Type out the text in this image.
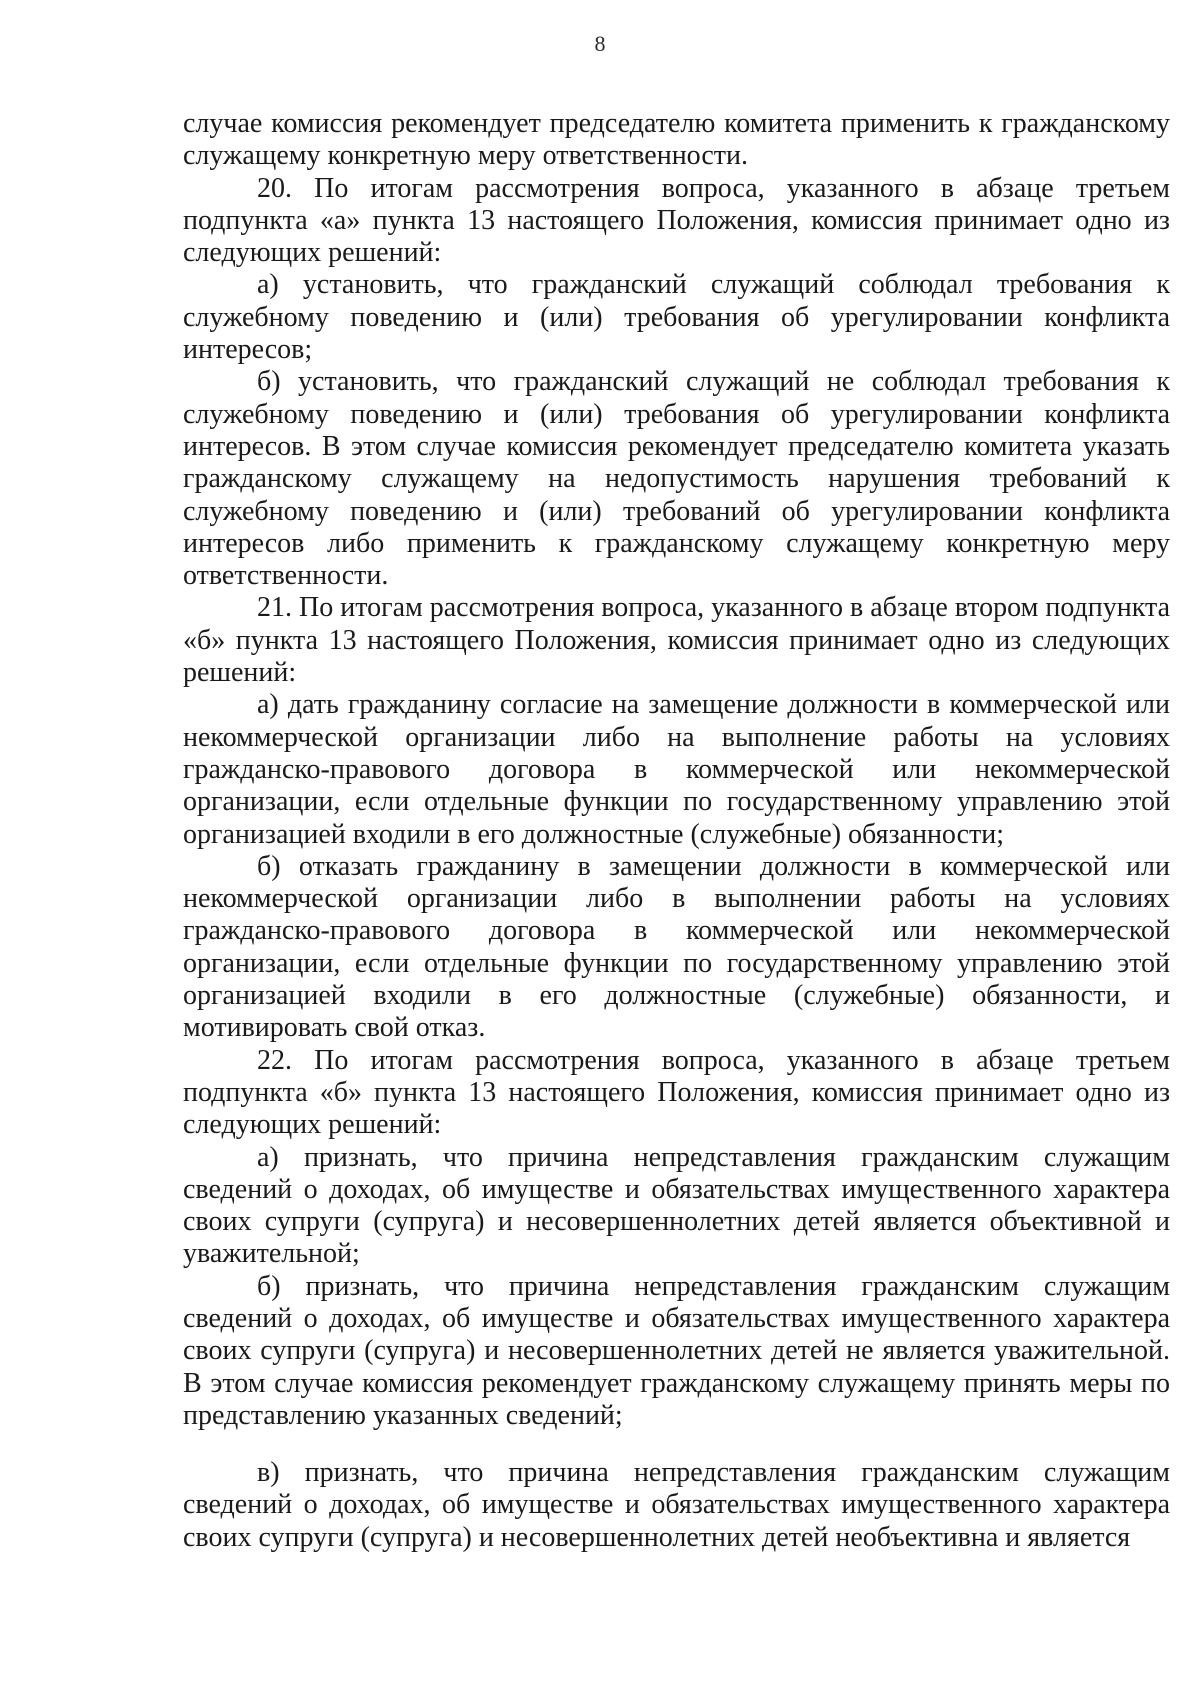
8

случае комиссия рекомендует председателю комитета применить к гражданскому служащему конкретную меру ответственности.

20. По итогам рассмотрения вопроса, указанного в абзаце третьем подпункта «а» пункта 13 настоящего Положения, комиссия принимает одно из следующих решений:

а) установить, что гражданский служащий соблюдал требования к служебному поведению и (или) требования об урегулировании конфликта интересов;

б) установить, что гражданский служащий не соблюдал требования к служебному поведению и (или) требования об урегулировании конфликта интересов. В этом случае комиссия рекомендует председателю комитета указать гражданскому служащему на недопустимость нарушения требований к служебному поведению и (или) требований об урегулировании конфликта интересов либо применить к гражданскому служащему конкретную меру ответственности.

21. По итогам рассмотрения вопроса, указанного в абзаце втором подпункта «б» пункта 13 настоящего Положения, комиссия принимает одно из следующих решений:

а) дать гражданину согласие на замещение должности в коммерческой или некоммерческой организации либо на выполнение работы на условиях гражданско-правового договора в коммерческой или некоммерческой организации, если отдельные функции по государственному управлению этой организацией входили в его должностные (служебные) обязанности;

б) отказать гражданину в замещении должности в коммерческой или некоммерческой организации либо в выполнении работы на условиях гражданско-правового договора в коммерческой или некоммерческой организации, если отдельные функции по государственному управлению этой организацией входили в его должностные (служебные) обязанности, и мотивировать свой отказ.

22. По итогам рассмотрения вопроса, указанного в абзаце третьем подпункта «б» пункта 13 настоящего Положения, комиссия принимает одно из следующих решений:

а) признать, что причина непредставления гражданским служащим сведений о доходах, об имуществе и обязательствах имущественного характера своих супруги (супруга) и несовершеннолетних детей является объективной и уважительной;

б) признать, что причина непредставления гражданским служащим сведений о доходах, об имуществе и обязательствах имущественного характера своих супруги (супруга) и несовершеннолетних детей не является уважительной. В этом случае комиссия рекомендует гражданскому служащему принять меры по представлению указанных сведений;

в) признать, что причина непредставления гражданским служащим сведений о доходах, об имуществе и обязательствах имущественного характера своих супруги (супруга) и несовершеннолетних детей необъективна и является
